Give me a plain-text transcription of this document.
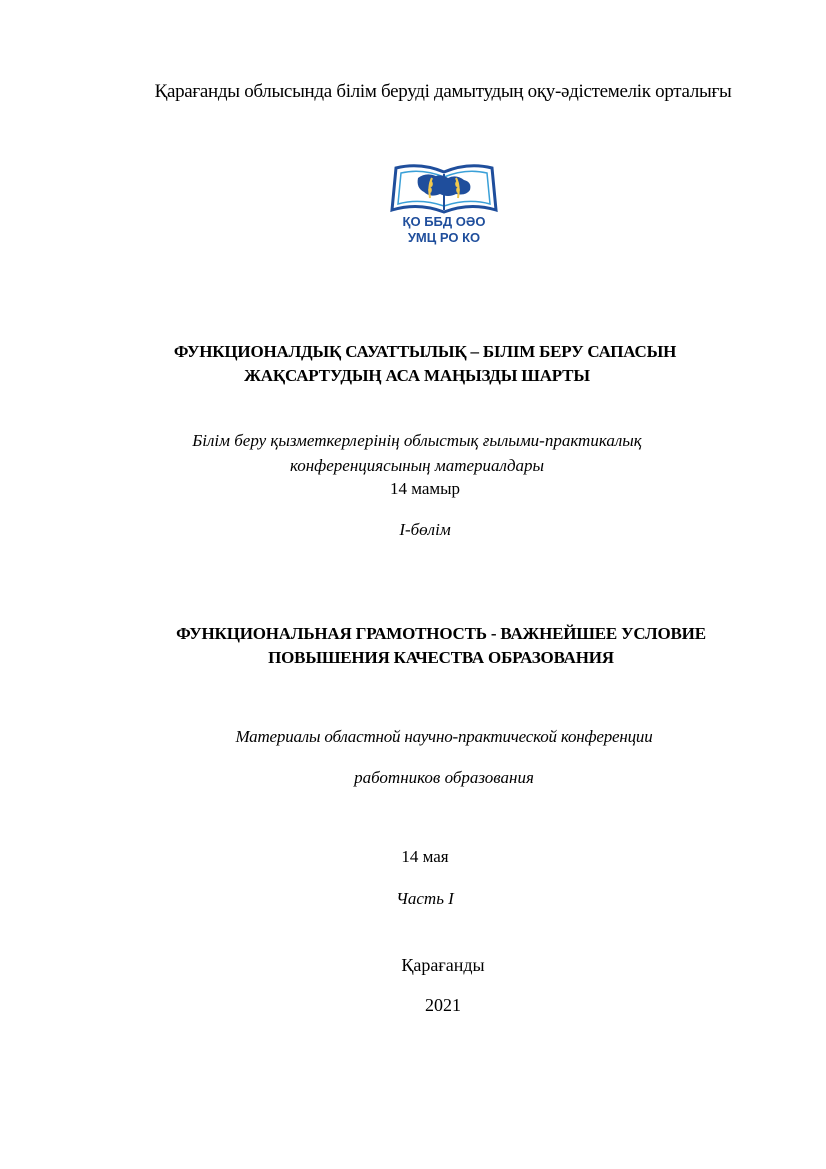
Қарағанды облысында білім беруді дамытудың оқу-әдістемелік орталығы
ҚО ББД ОӘО
УМЦ РО КО
ФУНКЦИОНАЛДЫҚ САУАТТЫЛЫҚ – БІЛІМ БЕРУ САПАСЫН
ЖАҚСАРТУДЫҢ АСА МАҢЫЗДЫ ШАРТЫ
Білім беру қызметкерлерінің облыстық ғылыми-практикалық
конференциясының материалдары
14 мамыр
I-бөлім
ФУНКЦИОНАЛЬНАЯ ГРАМОТНОСТЬ - ВАЖНЕЙШЕЕ УСЛОВИЕ
ПОВЫШЕНИЯ КАЧЕСТВА ОБРАЗОВАНИЯ
Материалы областной научно-практической конференции
работников образования
14 мая
Часть I
Қарағанды
2021
